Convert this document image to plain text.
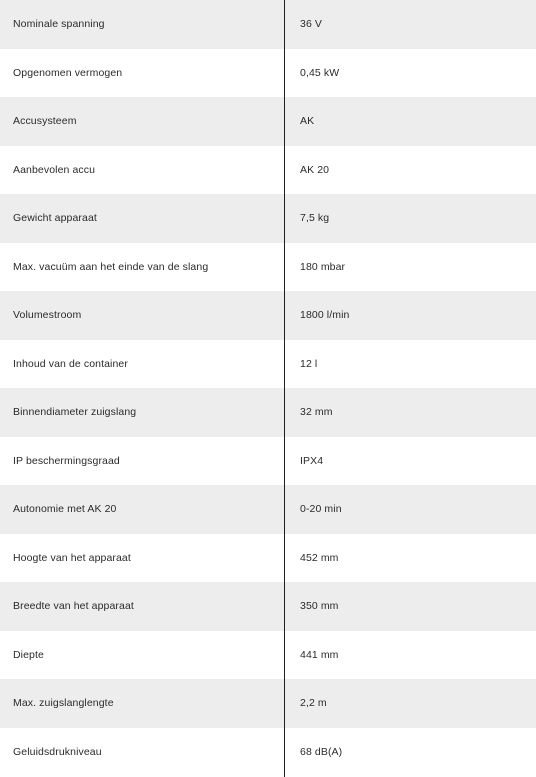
Nominale spanning	36 V
Opgenomen vermogen	0,45 kW
Accusysteem	AK
Aanbevolen accu	AK 20
Gewicht apparaat	7,5 kg
Max. vacuüm aan het einde van de slang	180 mbar
Volumestroom	1800 l/min
Inhoud van de container	12 l
Binnendiameter zuigslang	32 mm
IP beschermingsgraad	IPX4
Autonomie met AK 20	0-20 min
Hoogte van het apparaat	452 mm
Breedte van het apparaat	350 mm
Diepte	441 mm
Max. zuigslanglengte	2,2 m
Geluidsdrukniveau	68 dB(A)
